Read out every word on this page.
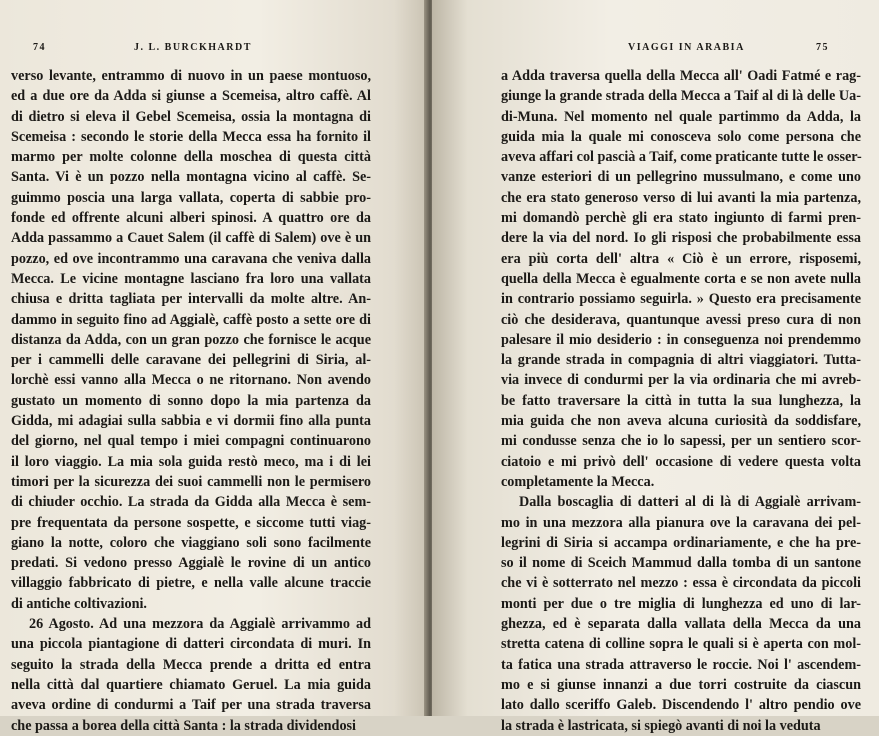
74	J. L. BURCKHARDT
verso levante, entrammo di nuovo in un paese montuoso,
ed a due ore da Adda si giunse a Scemeisa, altro caffè. Al
di dietro si eleva il Gebel Scemeisa, ossia la montagna di
Scemeisa : secondo le storie della Mecca essa ha fornito il
marmo per molte colonne della moschea di questa città
Santa. Vi è un pozzo nella montagna vicino al caffè. Se-
guimmo poscia una larga vallata, coperta di sabbie pro-
fonde ed offrente alcuni alberi spinosi. A quattro ore da
Adda passammo a Cauet Salem (il caffè di Salem) ove è un
pozzo, ed ove incontrammo una caravana che veniva dalla
Mecca. Le vicine montagne lasciano fra loro una vallata
chiusa e dritta tagliata per intervalli da molte altre. An-
dammo in seguito fino ad Aggialè, caffè posto a sette ore di
distanza da Adda, con un gran pozzo che fornisce le acque
per i cammelli delle caravane dei pellegrini di Siria, al-
lorchè essi vanno alla Mecca o ne ritornano. Non avendo
gustato un momento di sonno dopo la mia partenza da
Gidda, mi adagiai sulla sabbia e vi dormii fino alla punta
del giorno, nel qual tempo i miei compagni continuarono
il loro viaggio. La mia sola guida restò meco, ma i di lei
timori per la sicurezza dei suoi cammelli non le permisero
di chiuder occhio. La strada da Gidda alla Mecca è sem-
pre frequentata da persone sospette, e siccome tutti viag-
giano la notte, coloro che viaggiano soli sono facilmente
predati. Si vedono presso Aggialè le rovine di un antico
villaggio fabbricato di pietre, e nella valle alcune traccie
di antiche coltivazioni.
26 Agosto. Ad una mezzora da Aggialè arrivammo ad
una piccola piantagione di datteri circondata di muri. In
seguito la strada della Mecca prende a dritta ed entra
nella città dal quartiere chiamato Geruel. La mia guida
aveva ordine di condurmi a Taif per una strada traversa
che passa a borea della città Santa : la strada dividendosi
VIAGGI IN ARABIA	75
a Adda traversa quella della Mecca all' Oadi Fatmé e rag-
giunge la grande strada della Mecca a Taif al di là delle Ua-
di-Muna. Nel momento nel quale partimmo da Adda, la
guida mia la quale mi conosceva solo come persona che
aveva affari col pascià a Taif, come praticante tutte le osser-
vanze esteriori di un pellegrino mussulmano, e come uno
che era stato generoso verso di lui avanti la mia partenza,
mi domandò perchè gli era stato ingiunto di farmi pren-
dere la via del nord. Io gli risposi che probabilmente essa
era più corta dell' altra « Ciò è un errore, risposemi,
quella della Mecca è egualmente corta e se non avete nulla
in contrario possiamo seguirla. » Questo era precisamente
ciò che desiderava, quantunque avessi preso cura di non
palesare il mio desiderio : in conseguenza noi prendemmo
la grande strada in compagnia di altri viaggiatori. Tutta-
via invece di condurmi per la via ordinaria che mi avreb-
be fatto traversare la città in tutta la sua lunghezza, la
mia guida che non aveva alcuna curiosità da soddisfare,
mi condusse senza che io lo sapessi, per un sentiero scor-
ciatoio e mi privò dell' occasione di vedere questa volta
completamente la Mecca.
Dalla boscaglia di datteri al di là di Aggialè arrivam-
mo in una mezzora alla pianura ove la caravana dei pel-
legrini di Siria si accampa ordinariamente, e che ha pre-
so il nome di Sceich Mammud dalla tomba di un santone
che vi è sotterrato nel mezzo : essa è circondata da piccoli
monti per due o tre miglia di lunghezza ed uno di lar-
ghezza, ed è separata dalla vallata della Mecca da una
stretta catena di colline sopra le quali si è aperta con mol-
ta fatica una strada attraverso le roccie. Noi l' ascendem-
mo e si giunse innanzi a due torri costruite da ciascun
lato dallo sceriffo Galeb. Discendendo l' altro pendio ove
la strada è lastricata, si spiegò avanti di noi la veduta
